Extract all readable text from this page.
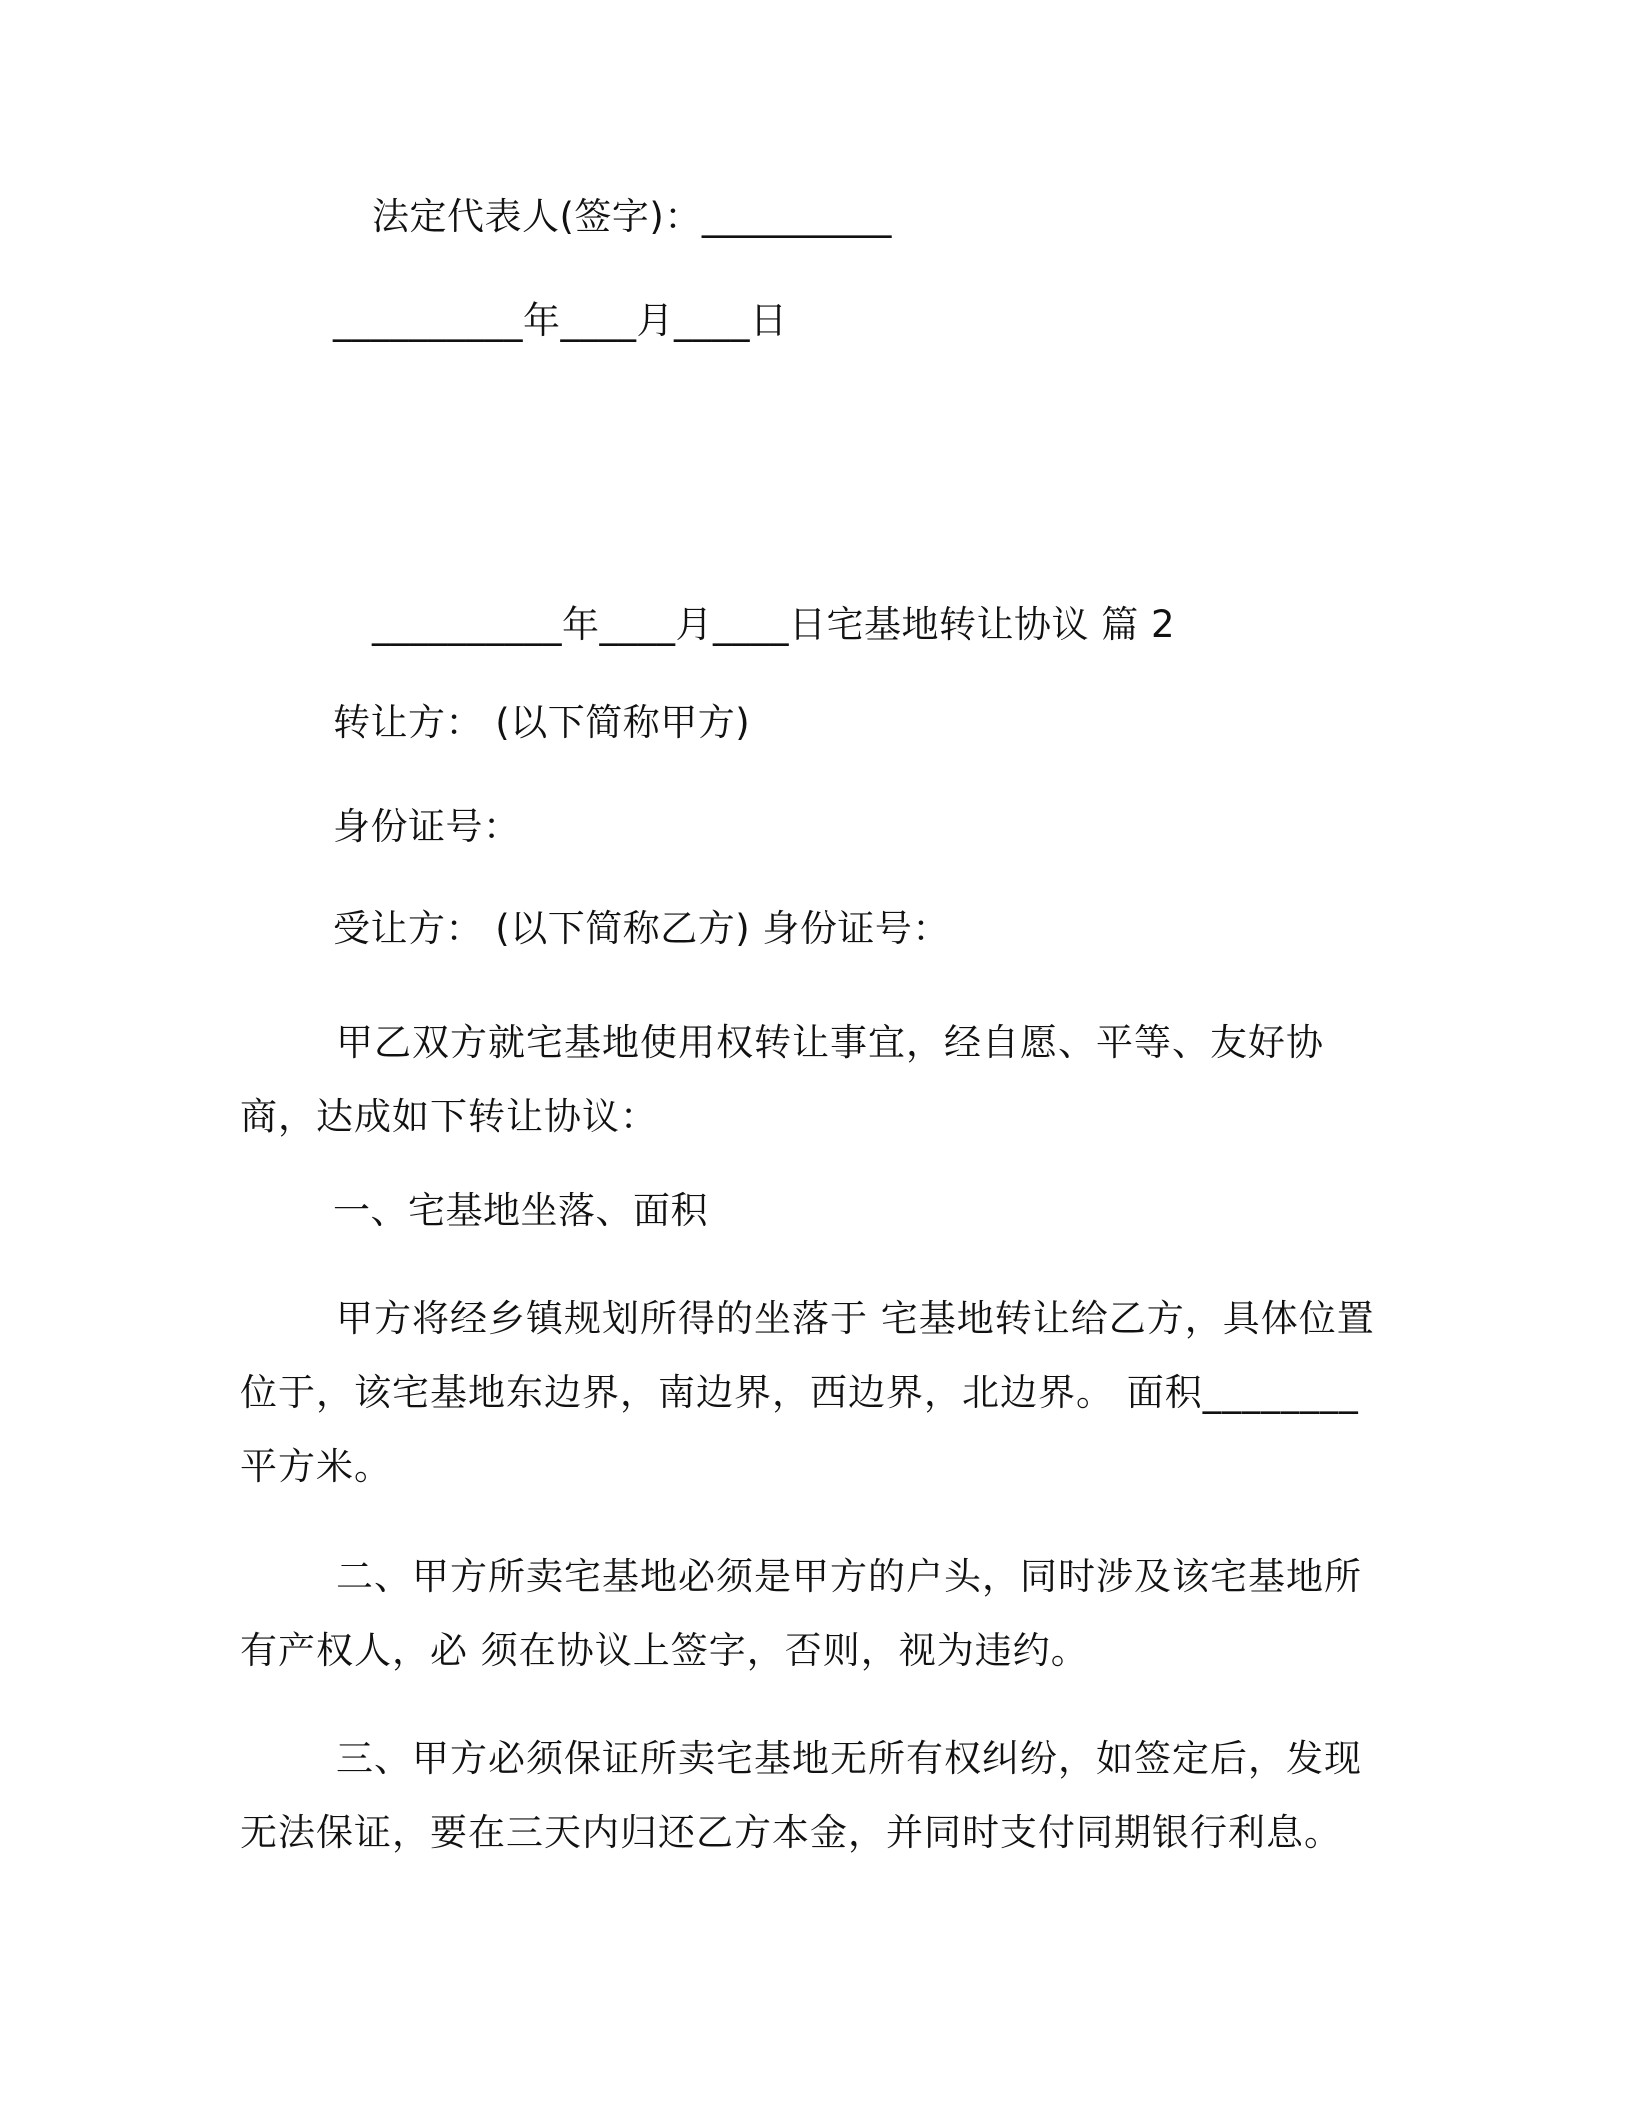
法定代表人(签字)：__________
__________年____月____日
__________年____月____日宅基地转让协议 篇 2
转让方： (以下简称甲方)
身份证号：
受让方： (以下简称乙方) 身份证号：
甲乙双方就宅基地使用权转让事宜，经自愿、平等、友好协商，达成如下转让协议：
一、宅基地坐落、面积
甲方将经乡镇规划所得的坐落于 宅基地转让给乙方，具体位置位于，该宅基地东边界，南边界，西边界，北边界。 面积________平方米。
二、甲方所卖宅基地必须是甲方的户头，同时涉及该宅基地所有产权人，必 须在协议上签字，否则，视为违约。
三、甲方必须保证所卖宅基地无所有权纠纷，如签定后，发现无法保证，要在三天内归还乙方本金，并同时支付同期银行利息。
